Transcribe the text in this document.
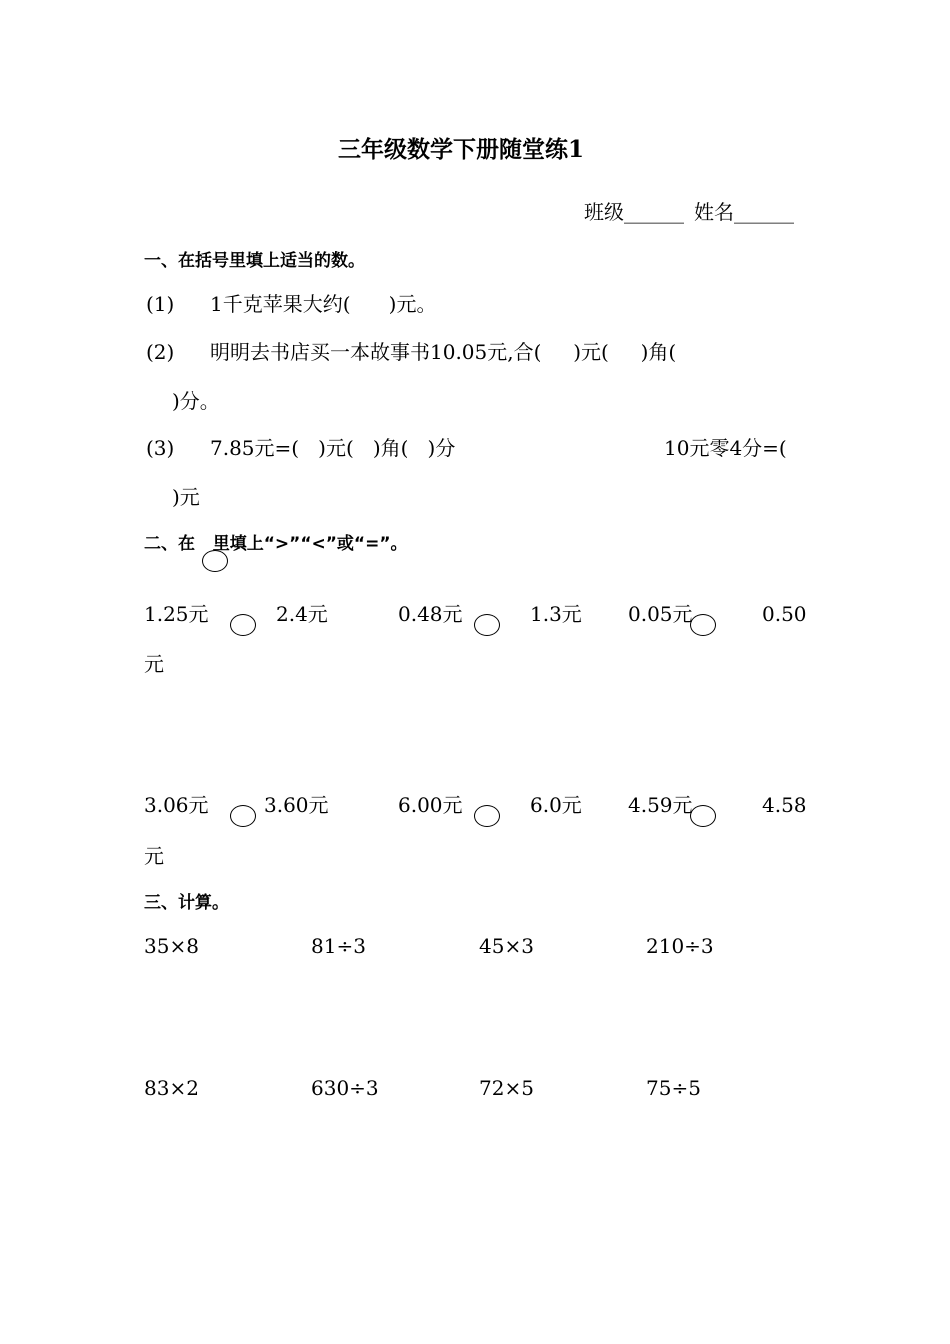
三年级数学下册随堂练1
班级______ 姓名______
一、在括号里填上适当的数。
(1) 1千克苹果大约(      )元。
(2) 明明去书店买一本故事书10.05元,合(     )元(     )角(
)分。
(3) 7.85元=(   )元(   )角(   )分	10元零4分=(
)元
二、在   里填上“>”“<”或“=”。
1.25元	2.4元	0.48元	1.3元 0.05元	0.50
元
3.06元	3.60元	6.00元	6.0元 4.59元	4.58
元
三、计算。
35×8	81÷3	45×3	210÷3
83×2	630÷3	72×5	75÷5
